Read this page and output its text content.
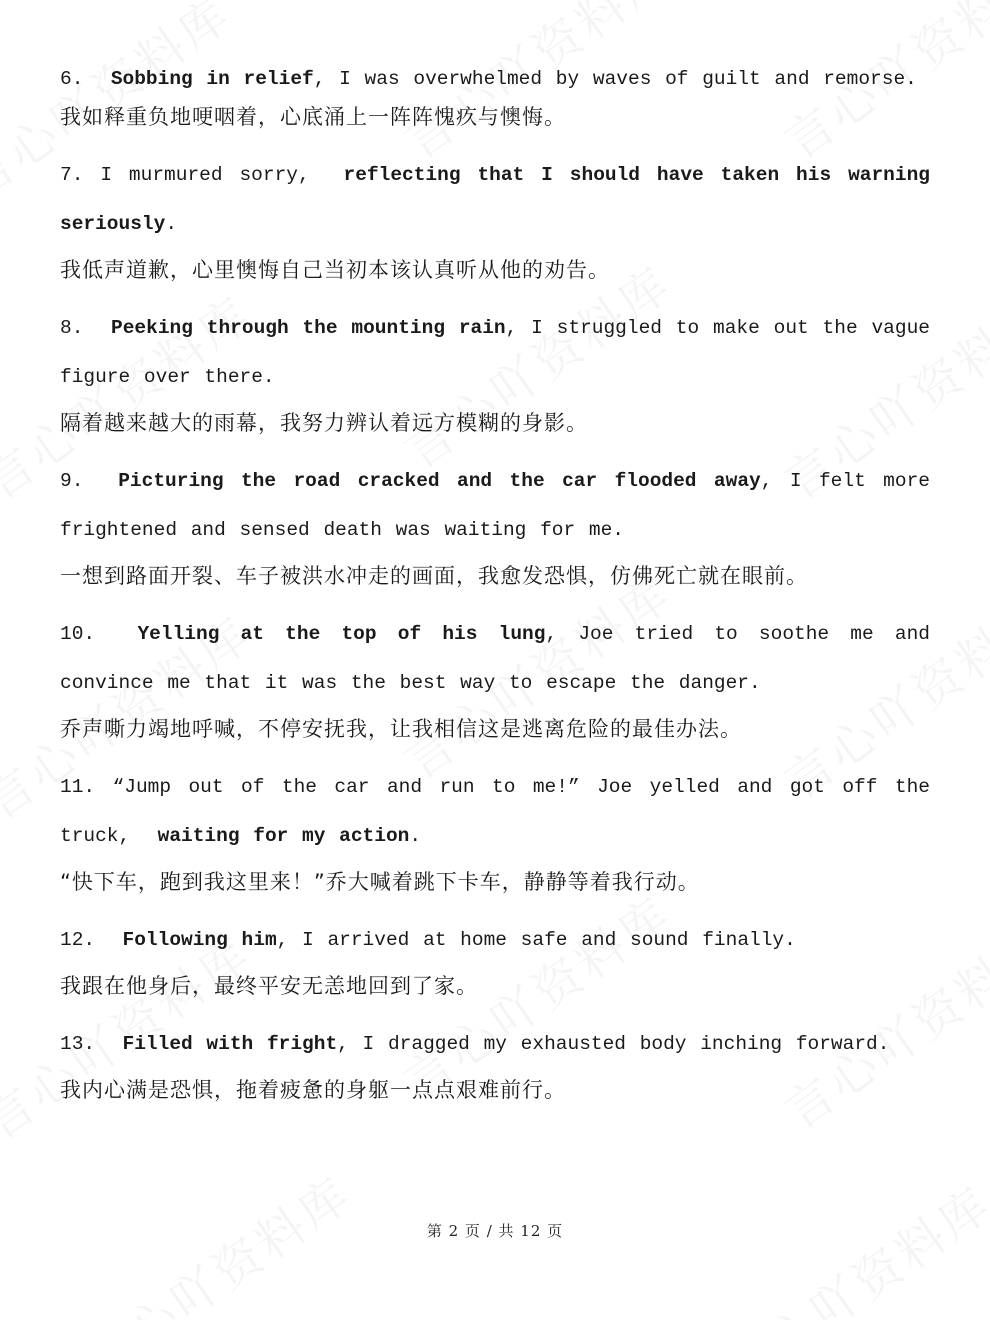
6. Sobbing in relief, I was overwhelmed by waves of guilt and remorse.

我如释重负地哽咽着，心底涌上一阵阵愧疚与懊悔。

7. I murmured sorry,  reflecting that I should have taken his warning seriously.

我低声道歉，心里懊悔自己当初本该认真听从他的劝告。

8. Peeking through the mounting rain, I struggled to make out the vague figure over there.

隔着越来越大的雨幕，我努力辨认着远方模糊的身影。

9. Picturing the road cracked and the car flooded away, I felt more frightened and sensed death was waiting for me.

一想到路面开裂、车子被洪水冲走的画面，我愈发恐惧，仿佛死亡就在眼前。

10. Yelling at the top of his lung, Joe tried to soothe me and convince me that it was the best way to escape the danger.

乔声嘶力竭地呼喊，不停安抚我，让我相信这是逃离危险的最佳办法。

11. “Jump out of the car and run to me!” Joe yelled and got off the truck,  waiting for my action.

“快下车，跑到我这里来！”乔大喊着跳下卡车，静静等着我行动。

12. Following him, I arrived at home safe and sound finally.

我跟在他身后，最终平安无恙地回到了家。

13. Filled with fright, I dragged my exhausted body inching forward.

我内心满是恐惧，拖着疲惫的身躯一点点艰难前行。

第 2 页 / 共 12 页
